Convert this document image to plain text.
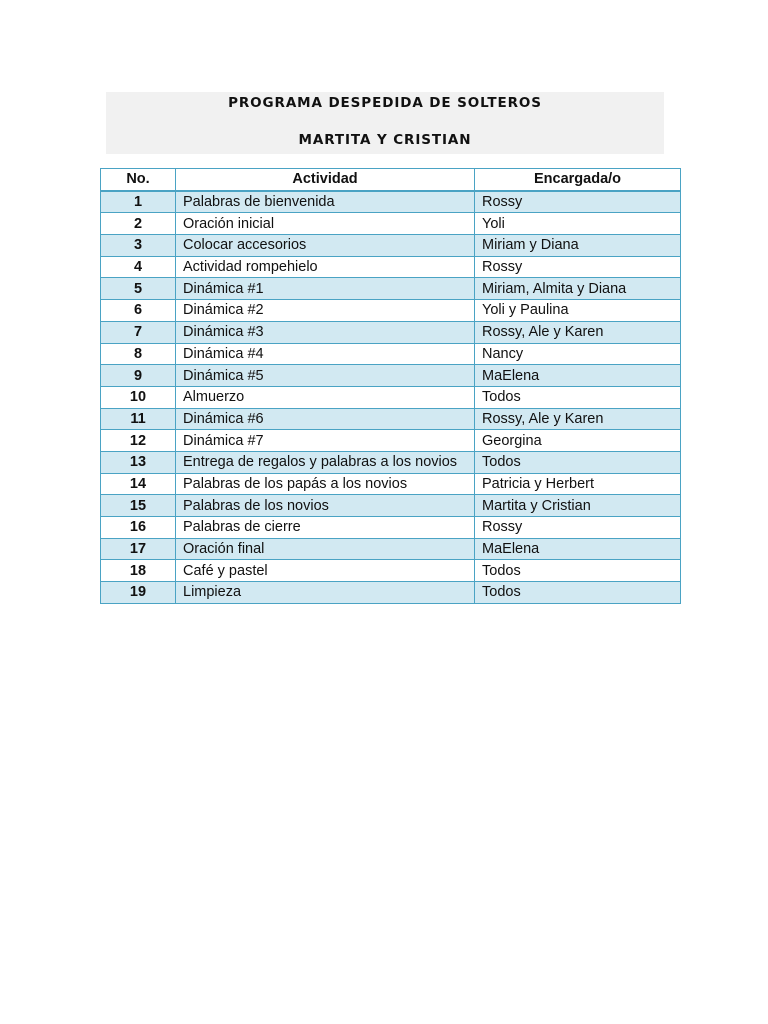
PROGRAMA DESPEDIDA DE SOLTEROS
MARTITA Y CRISTIAN
No.	Actividad	Encargada/o
1	Palabras de bienvenida	Rossy
2	Oración inicial	Yoli
3	Colocar accesorios	Miriam y Diana
4	Actividad rompehielo	Rossy
5	Dinámica #1	Miriam, Almita y Diana
6	Dinámica #2	Yoli y Paulina
7	Dinámica #3	Rossy, Ale y Karen
8	Dinámica #4	Nancy
9	Dinámica #5	MaElena
10	Almuerzo	Todos
11	Dinámica #6	Rossy, Ale y Karen
12	Dinámica #7	Georgina
13	Entrega de regalos y palabras a los novios	Todos
14	Palabras de los papás a los novios	Patricia y Herbert
15	Palabras de los novios	Martita y Cristian
16	Palabras de cierre	Rossy
17	Oración final	MaElena
18	Café y pastel	Todos
19	Limpieza	Todos
